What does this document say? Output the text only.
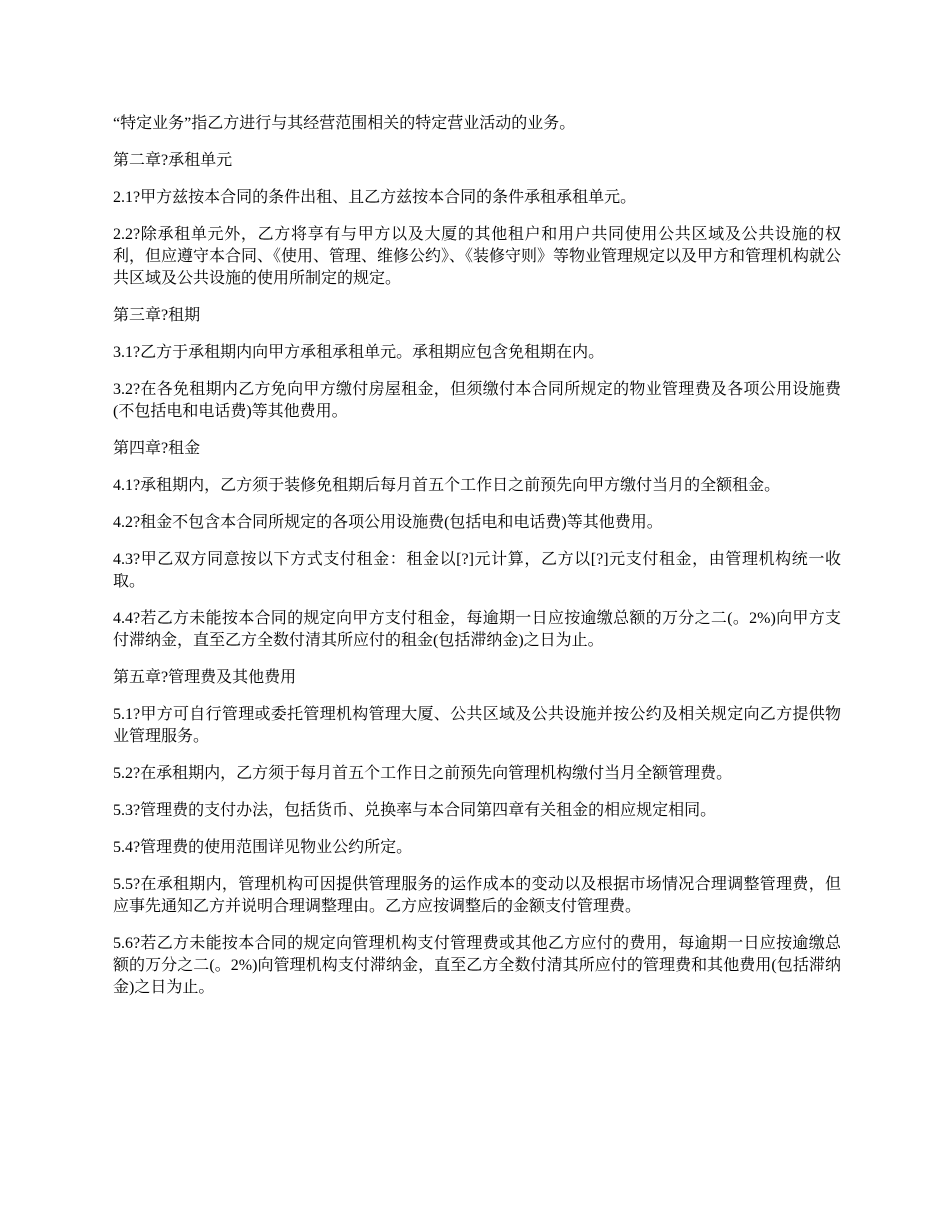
“特定业务”指乙方进行与其经营范围相关的特定营业活动的业务。

第二章?承租单元

2.1?甲方兹按本合同的条件出租、且乙方兹按本合同的条件承租承租单元。

2.2?除承租单元外，乙方将享有与甲方以及大厦的其他租户和用户共同使用公共区域及公共设施的权利，但应遵守本合同、《使用、管理、维修公约》、《装修守则》等物业管理规定以及甲方和管理机构就公共区域及公共设施的使用所制定的规定。

第三章?租期

3.1?乙方于承租期内向甲方承租承租单元。承租期应包含免租期在内。

3.2?在各免租期内乙方免向甲方缴付房屋租金，但须缴付本合同所规定的物业管理费及各项公用设施费(不包括电和电话费)等其他费用。

第四章?租金

4.1?承租期内，乙方须于装修免租期后每月首五个工作日之前预先向甲方缴付当月的全额租金。

4.2?租金不包含本合同所规定的各项公用设施费(包括电和电话费)等其他费用。

4.3?甲乙双方同意按以下方式支付租金：租金以[?]元计算，乙方以[?]元支付租金，由管理机构统一收取。

4.4?若乙方未能按本合同的规定向甲方支付租金，每逾期一日应按逾缴总额的万分之二(。2%)向甲方支付滞纳金，直至乙方全数付清其所应付的租金(包括滞纳金)之日为止。

第五章?管理费及其他费用

5.1?甲方可自行管理或委托管理机构管理大厦、公共区域及公共设施并按公约及相关规定向乙方提供物业管理服务。

5.2?在承租期内，乙方须于每月首五个工作日之前预先向管理机构缴付当月全额管理费。

5.3?管理费的支付办法，包括货币、兑换率与本合同第四章有关租金的相应规定相同。

5.4?管理费的使用范围详见物业公约所定。

5.5?在承租期内，管理机构可因提供管理服务的运作成本的变动以及根据市场情况合理调整管理费，但应事先通知乙方并说明合理调整理由。乙方应按调整后的金额支付管理费。

5.6?若乙方未能按本合同的规定向管理机构支付管理费或其他乙方应付的费用，每逾期一日应按逾缴总额的万分之二(。2%)向管理机构支付滞纳金，直至乙方全数付清其所应付的管理费和其他费用(包括滞纳金)之日为止。
